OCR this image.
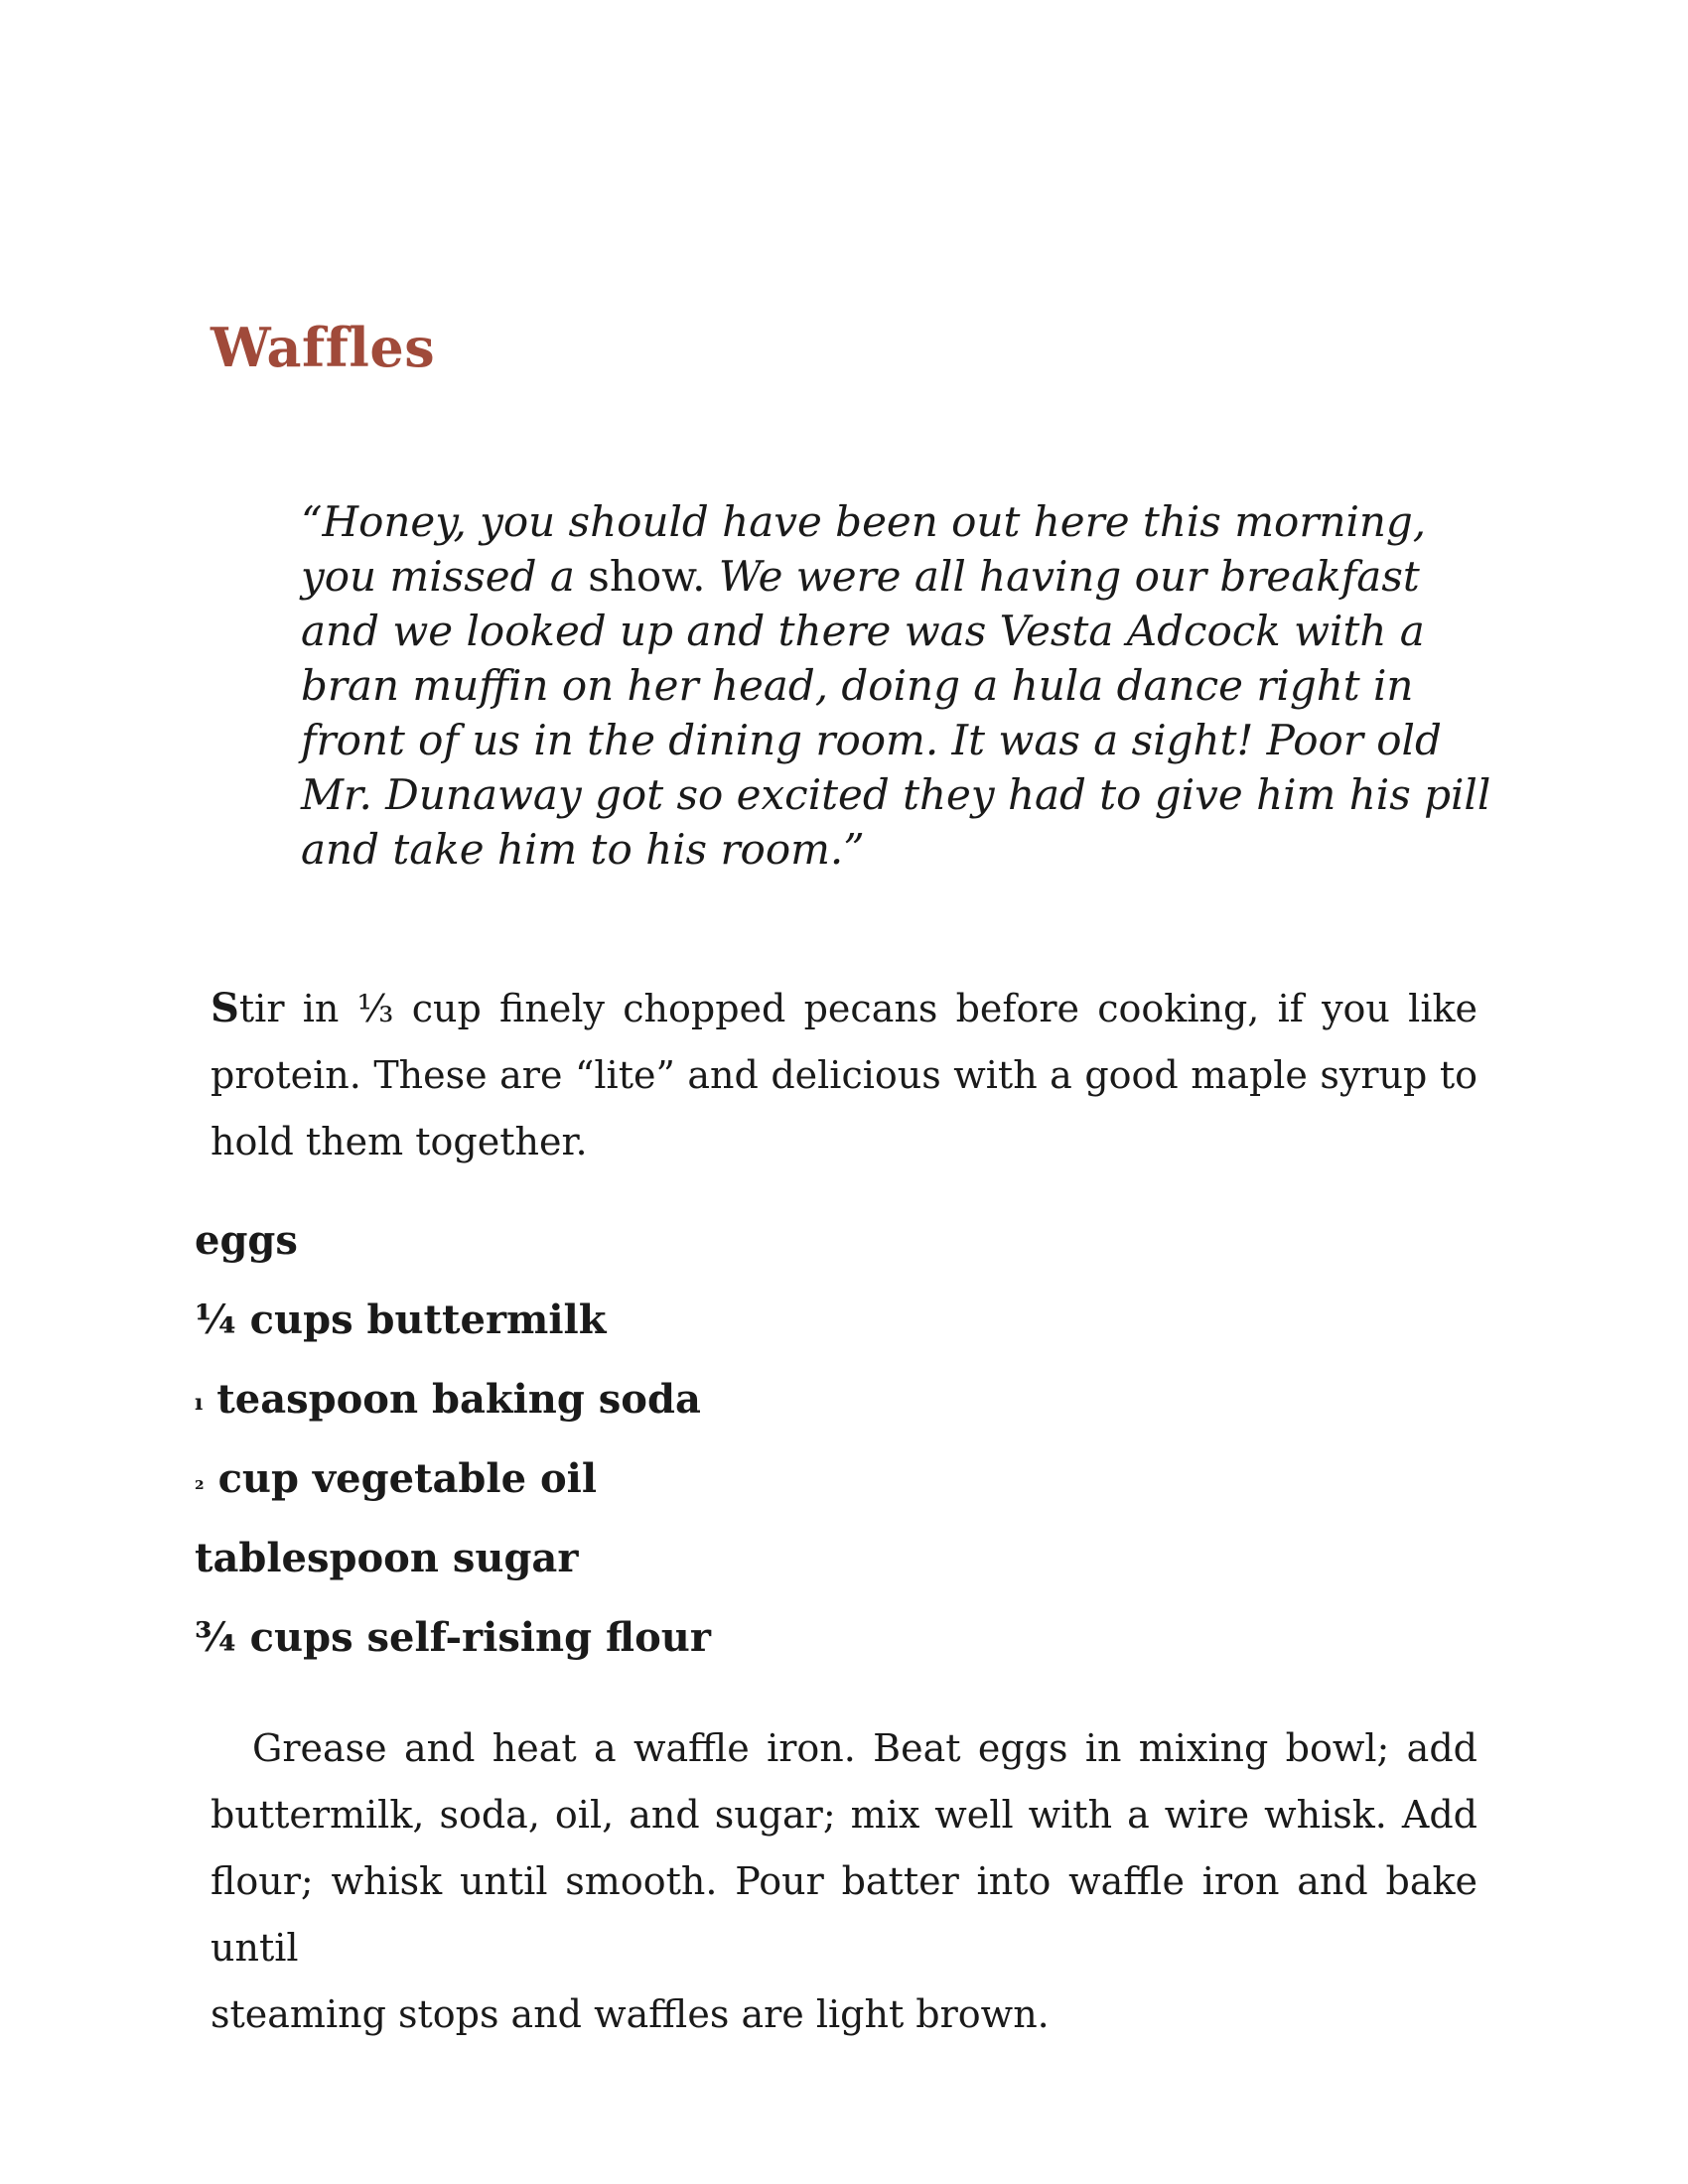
Waffles
“Honey, you should have been out here this morning,
you missed a show. We were all having our breakfast
and we looked up and there was Vesta Adcock with a
bran muffin on her head, doing a hula dance right in
front of us in the dining room. It was a sight! Poor old
Mr. Dunaway got so excited they had to give him his pill
and take him to his room.”
Stir in ⅓ cup finely chopped pecans before cooking, if you like
protein. These are “lite” and delicious with a good maple syrup to
hold them together.
eggs
¼ cups buttermilk
ı teaspoon baking soda
₂ cup vegetable oil
tablespoon sugar
¾ cups self-rising flour
Grease and heat a waffle iron. Beat eggs in mixing bowl; add
buttermilk, soda, oil, and sugar; mix well with a wire whisk. Add
flour; whisk until smooth. Pour batter into waffle iron and bake until
steaming stops and waffles are light brown.
